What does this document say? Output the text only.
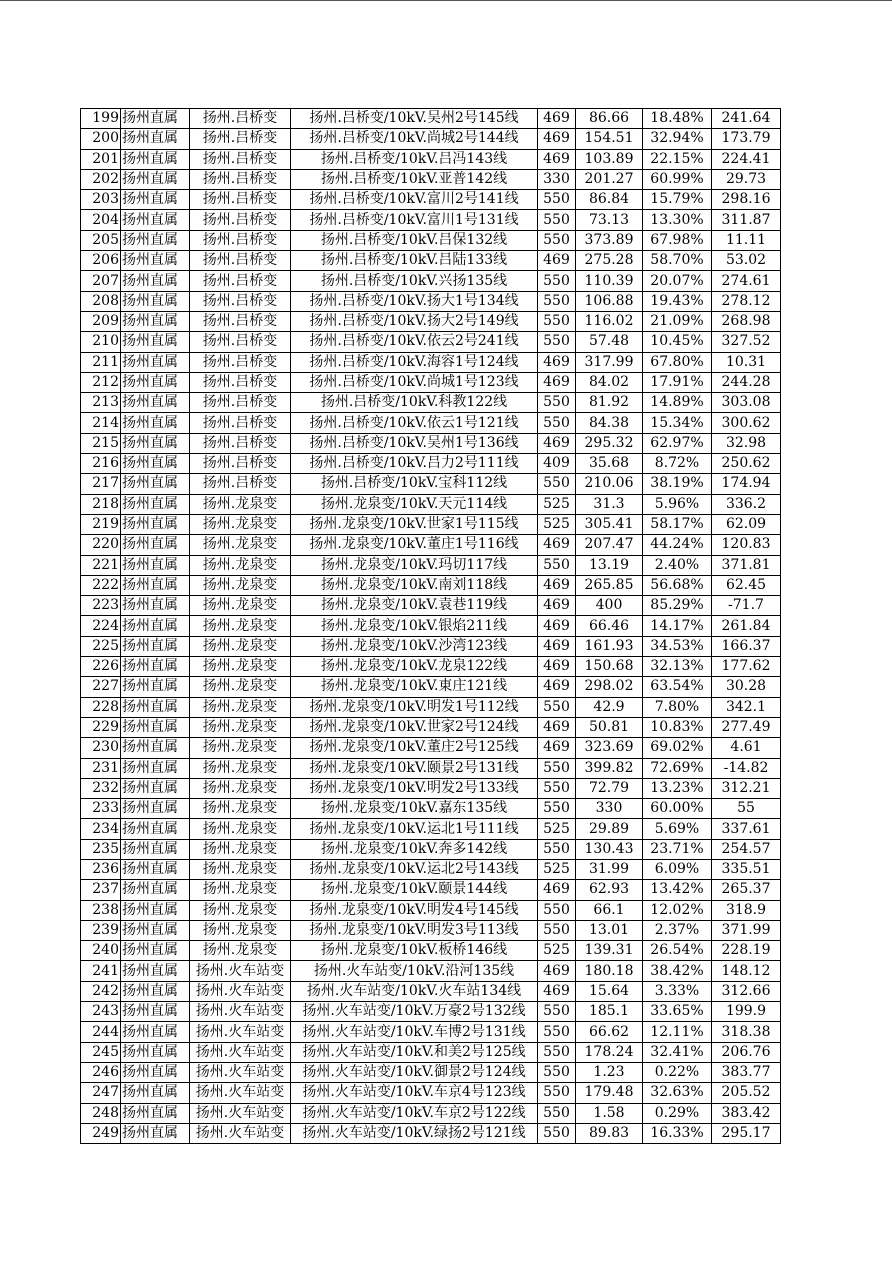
199	扬州直属	扬州.吕桥变	扬州.吕桥变/10kV.吴州2号145线	469	86.66	18.48%	241.64
200	扬州直属	扬州.吕桥变	扬州.吕桥变/10kV.尚城2号144线	469	154.51	32.94%	173.79
201	扬州直属	扬州.吕桥变	扬州.吕桥变/10kV.吕冯143线	469	103.89	22.15%	224.41
202	扬州直属	扬州.吕桥变	扬州.吕桥变/10kV.亚普142线	330	201.27	60.99%	29.73
203	扬州直属	扬州.吕桥变	扬州.吕桥变/10kV.富川2号141线	550	86.84	15.79%	298.16
204	扬州直属	扬州.吕桥变	扬州.吕桥变/10kV.富川1号131线	550	73.13	13.30%	311.87
205	扬州直属	扬州.吕桥变	扬州.吕桥变/10kV.吕保132线	550	373.89	67.98%	11.11
206	扬州直属	扬州.吕桥变	扬州.吕桥变/10kV.吕陆133线	469	275.28	58.70%	53.02
207	扬州直属	扬州.吕桥变	扬州.吕桥变/10kV.兴扬135线	550	110.39	20.07%	274.61
208	扬州直属	扬州.吕桥变	扬州.吕桥变/10kV.扬大1号134线	550	106.88	19.43%	278.12
209	扬州直属	扬州.吕桥变	扬州.吕桥变/10kV.扬大2号149线	550	116.02	21.09%	268.98
210	扬州直属	扬州.吕桥变	扬州.吕桥变/10kV.依云2号241线	550	57.48	10.45%	327.52
211	扬州直属	扬州.吕桥变	扬州.吕桥变/10kV.海容1号124线	469	317.99	67.80%	10.31
212	扬州直属	扬州.吕桥变	扬州.吕桥变/10kV.尚城1号123线	469	84.02	17.91%	244.28
213	扬州直属	扬州.吕桥变	扬州.吕桥变/10kV.科教122线	550	81.92	14.89%	303.08
214	扬州直属	扬州.吕桥变	扬州.吕桥变/10kV.依云1号121线	550	84.38	15.34%	300.62
215	扬州直属	扬州.吕桥变	扬州.吕桥变/10kV.吴州1号136线	469	295.32	62.97%	32.98
216	扬州直属	扬州.吕桥变	扬州.吕桥变/10kV.吕力2号111线	409	35.68	8.72%	250.62
217	扬州直属	扬州.吕桥变	扬州.吕桥变/10kV.宝科112线	550	210.06	38.19%	174.94
218	扬州直属	扬州.龙泉变	扬州.龙泉变/10kV.天元114线	525	31.3	5.96%	336.2
219	扬州直属	扬州.龙泉变	扬州.龙泉变/10kV.世家1号115线	525	305.41	58.17%	62.09
220	扬州直属	扬州.龙泉变	扬州.龙泉变/10kV.董庄1号116线	469	207.47	44.24%	120.83
221	扬州直属	扬州.龙泉变	扬州.龙泉变/10kV.玛切117线	550	13.19	2.40%	371.81
222	扬州直属	扬州.龙泉变	扬州.龙泉变/10kV.南刘118线	469	265.85	56.68%	62.45
223	扬州直属	扬州.龙泉变	扬州.龙泉变/10kV.袁巷119线	469	400	85.29%	-71.7
224	扬州直属	扬州.龙泉变	扬州.龙泉变/10kV.银焰211线	469	66.46	14.17%	261.84
225	扬州直属	扬州.龙泉变	扬州.龙泉变/10kV.沙湾123线	469	161.93	34.53%	166.37
226	扬州直属	扬州.龙泉变	扬州.龙泉变/10kV.龙泉122线	469	150.68	32.13%	177.62
227	扬州直属	扬州.龙泉变	扬州.龙泉变/10kV.東庄121线	469	298.02	63.54%	30.28
228	扬州直属	扬州.龙泉变	扬州.龙泉变/10kV.明发1号112线	550	42.9	7.80%	342.1
229	扬州直属	扬州.龙泉变	扬州.龙泉变/10kV.世家2号124线	469	50.81	10.83%	277.49
230	扬州直属	扬州.龙泉变	扬州.龙泉变/10kV.董庄2号125线	469	323.69	69.02%	4.61
231	扬州直属	扬州.龙泉变	扬州.龙泉变/10kV.颐景2号131线	550	399.82	72.69%	-14.82
232	扬州直属	扬州.龙泉变	扬州.龙泉变/10kV.明发2号133线	550	72.79	13.23%	312.21
233	扬州直属	扬州.龙泉变	扬州.龙泉变/10kV.嘉东135线	550	330	60.00%	55
234	扬州直属	扬州.龙泉变	扬州.龙泉变/10kV.运北1号111线	525	29.89	5.69%	337.61
235	扬州直属	扬州.龙泉变	扬州.龙泉变/10kV.奔多142线	550	130.43	23.71%	254.57
236	扬州直属	扬州.龙泉变	扬州.龙泉变/10kV.运北2号143线	525	31.99	6.09%	335.51
237	扬州直属	扬州.龙泉变	扬州.龙泉变/10kV.颐景144线	469	62.93	13.42%	265.37
238	扬州直属	扬州.龙泉变	扬州.龙泉变/10kV.明发4号145线	550	66.1	12.02%	318.9
239	扬州直属	扬州.龙泉变	扬州.龙泉变/10kV.明发3号113线	550	13.01	2.37%	371.99
240	扬州直属	扬州.龙泉变	扬州.龙泉变/10kV.板桥146线	525	139.31	26.54%	228.19
241	扬州直属	扬州.火车站变	扬州.火车站变/10kV.沿河135线	469	180.18	38.42%	148.12
242	扬州直属	扬州.火车站变	扬州.火车站变/10kV.火车站134线	469	15.64	3.33%	312.66
243	扬州直属	扬州.火车站变	扬州.火车站变/10kV.万豪2号132线	550	185.1	33.65%	199.9
244	扬州直属	扬州.火车站变	扬州.火车站变/10kV.车博2号131线	550	66.62	12.11%	318.38
245	扬州直属	扬州.火车站变	扬州.火车站变/10kV.和美2号125线	550	178.24	32.41%	206.76
246	扬州直属	扬州.火车站变	扬州.火车站变/10kV.御景2号124线	550	1.23	0.22%	383.77
247	扬州直属	扬州.火车站变	扬州.火车站变/10kV.车京4号123线	550	179.48	32.63%	205.52
248	扬州直属	扬州.火车站变	扬州.火车站变/10kV.车京2号122线	550	1.58	0.29%	383.42
249	扬州直属	扬州.火车站变	扬州.火车站变/10kV.绿扬2号121线	550	89.83	16.33%	295.17
